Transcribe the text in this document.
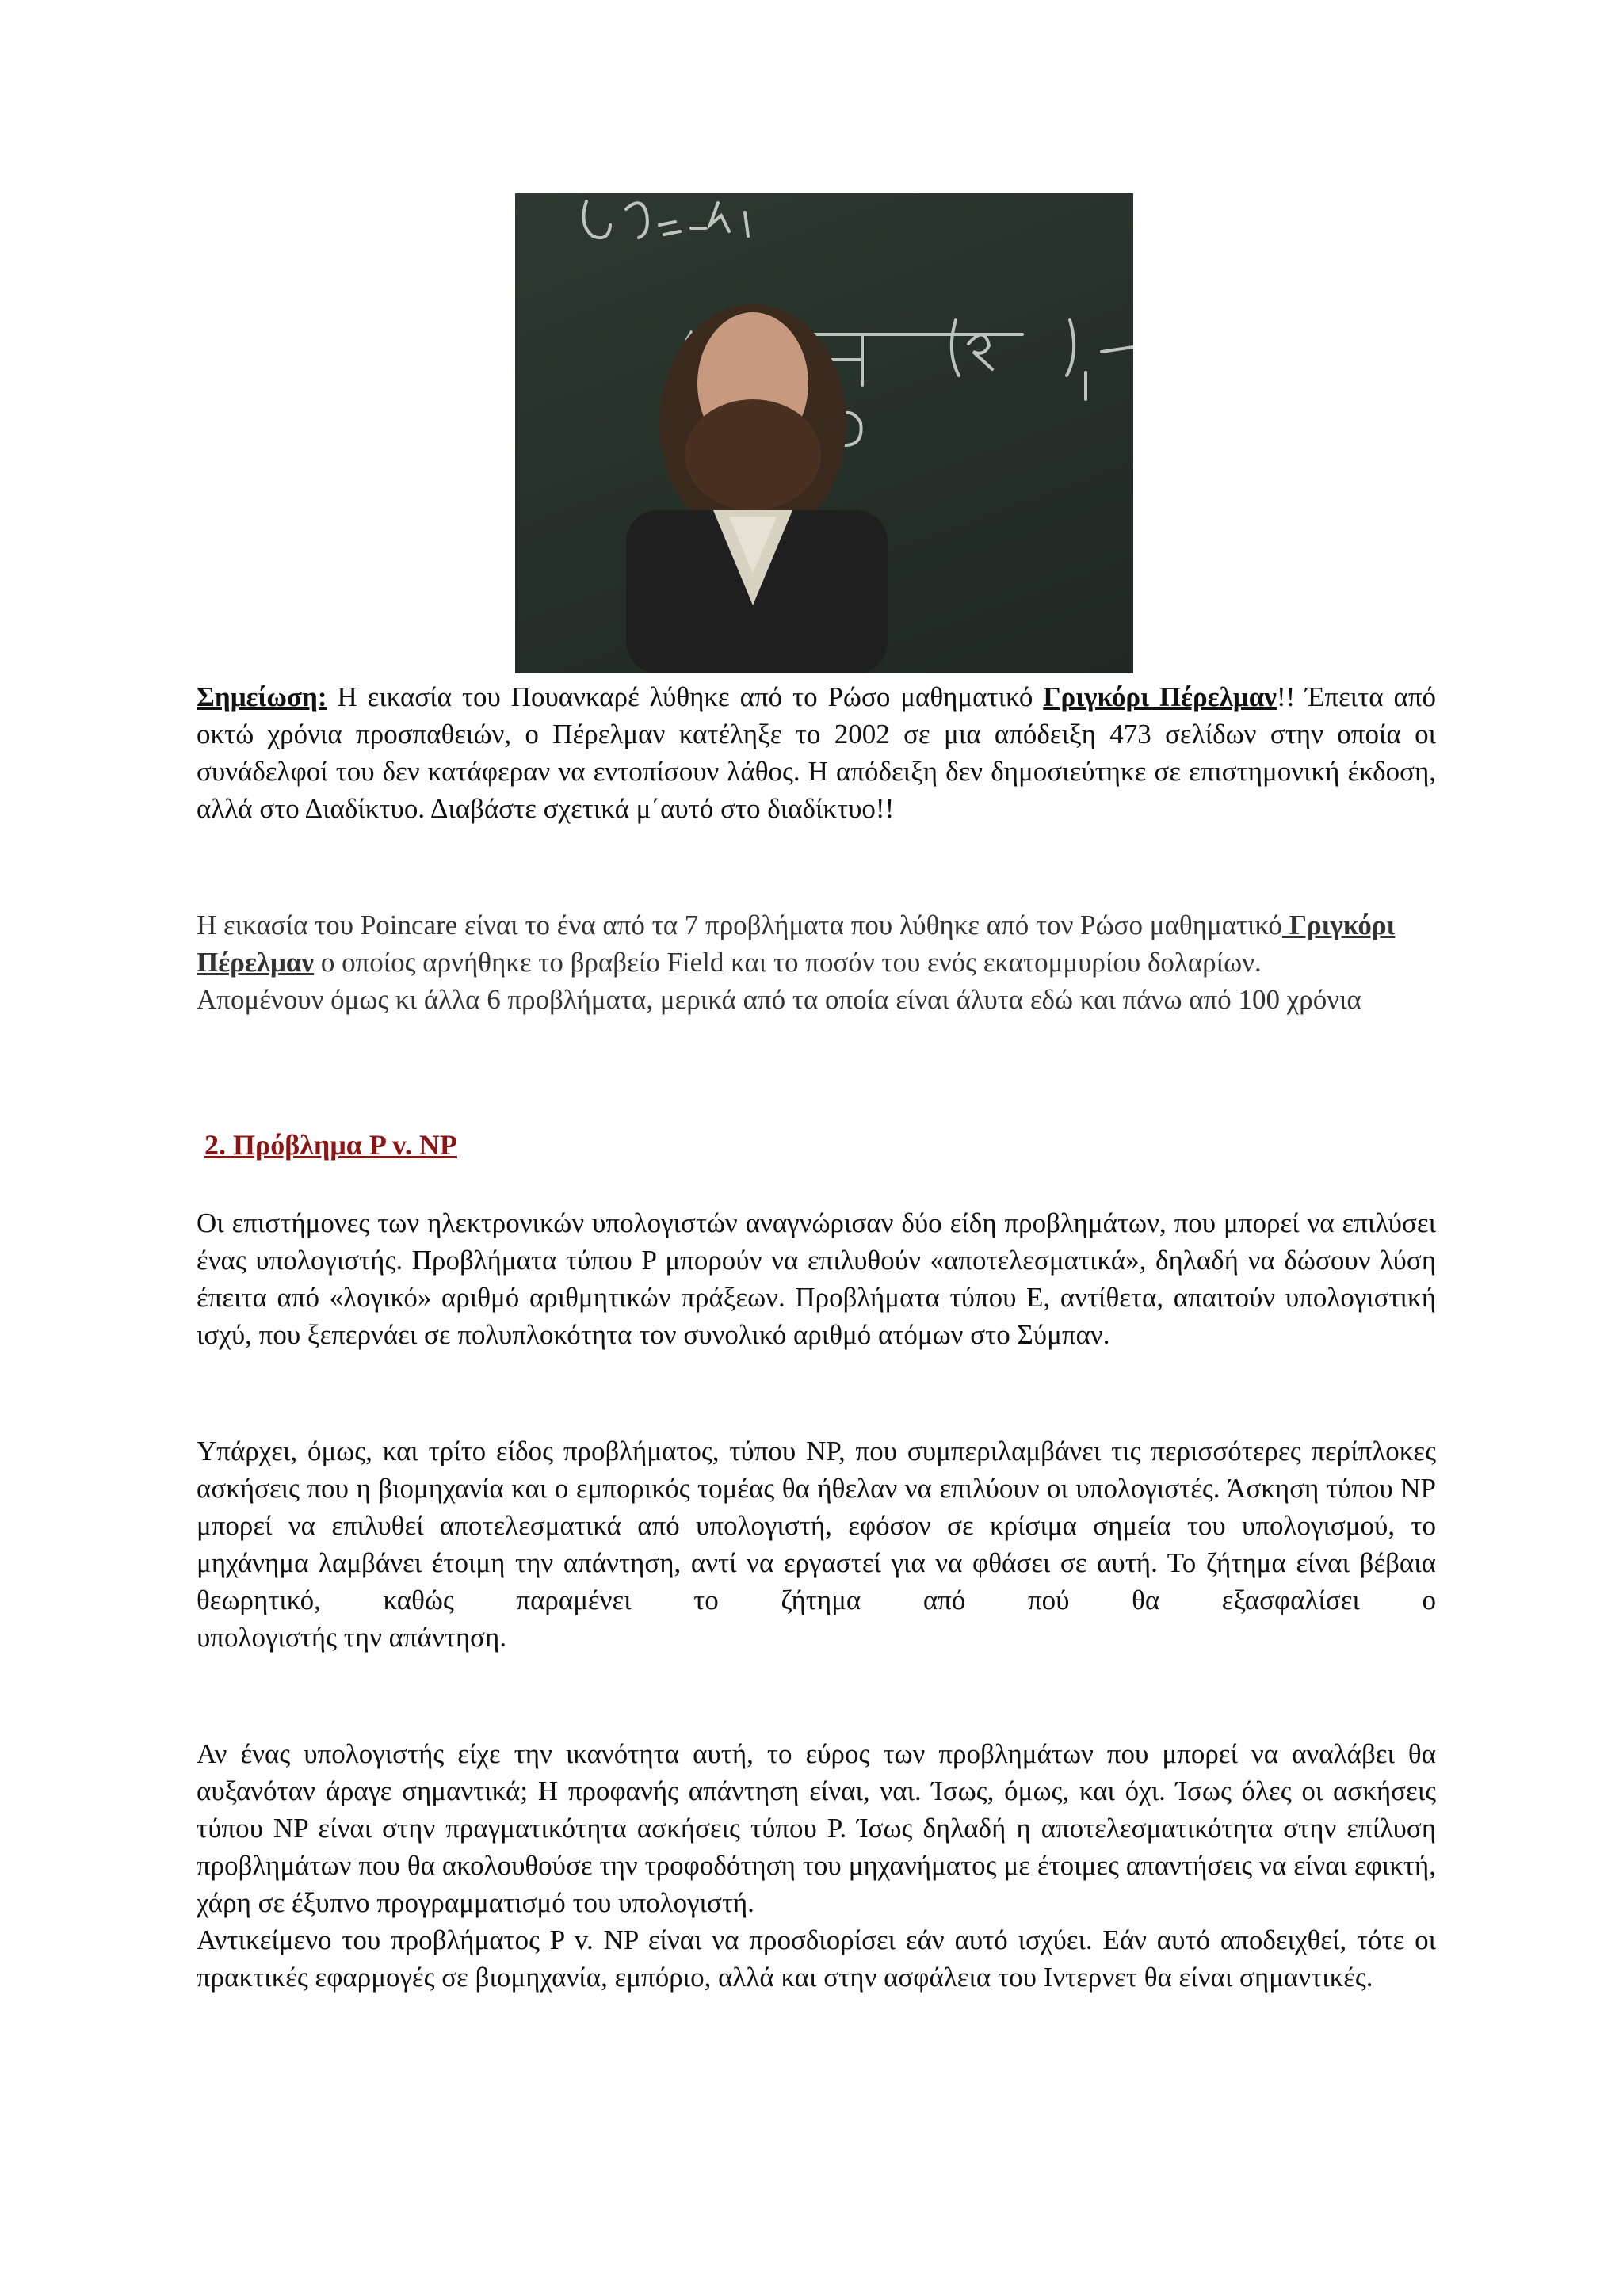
Σημείωση: Η εικασία του Πουανκαρέ λύθηκε από το Ρώσο μαθηματικό Γριγκόρι Πέρελμαν!! Έπειτα από οκτώ χρόνια προσπαθειών, ο Πέρελμαν κατέληξε το 2002 σε μια απόδειξη 473 σελίδων στην οποία οι συνάδελφοί του δεν κατάφεραν να εντοπίσουν λάθος. Η απόδειξη δεν δημοσιεύτηκε σε επιστημονική έκδοση, αλλά στο Διαδίκτυο. Διαβάστε σχετικά μ΄αυτό στο διαδίκτυο!!

Η εικασία του Poincare είναι το ένα από τα 7 προβλήματα που λύθηκε από τον Ρώσο μαθηματικό Γριγκόρι Πέρελμαν ο οποίος αρνήθηκε το βραβείο Field και το ποσόν του ενός εκατομμυρίου δολαρίων.

Απομένουν όμως κι άλλα 6 προβλήματα, μερικά από τα οποία είναι άλυτα εδώ και πάνω από 100 χρόνια

2. Πρόβλημα P v. NP

Οι επιστήμονες των ηλεκτρονικών υπολογιστών αναγνώρισαν δύο είδη προβλημάτων, που μπορεί να επιλύσει ένας υπολογιστής. Προβλήματα τύπου P μπορούν να επιλυθούν «αποτελεσματικά», δηλαδή να δώσουν λύση έπειτα από «λογικό» αριθμό αριθμητικών πράξεων. Προβλήματα τύπου E, αντίθετα, απαιτούν υπολογιστική ισχύ, που ξεπερνάει σε πολυπλοκότητα τον συνολικό αριθμό ατόμων στο Σύμπαν.

Υπάρχει, όμως, και τρίτο είδος προβλήματος, τύπου NP, που συμπεριλαμβάνει τις περισσότερες περίπλοκες ασκήσεις που η βιομηχανία και ο εμπορικός τομέας θα ήθελαν να επιλύουν οι υπολογιστές. Άσκηση τύπου NP μπορεί να επιλυθεί αποτελεσματικά από υπολογιστή, εφόσον σε κρίσιμα σημεία του υπολογισμού, το μηχάνημα λαμβάνει έτοιμη την απάντηση, αντί να εργαστεί για να φθάσει σε αυτή. Το ζήτημα είναι βέβαια θεωρητικό, καθώς παραμένει το ζήτημα από πού θα εξασφαλίσει ο

υπολογιστής την απάντηση.

Αν ένας υπολογιστής είχε την ικανότητα αυτή, το εύρος των προβλημάτων που μπορεί να αναλάβει θα αυξανόταν άραγε σημαντικά; Η προφανής απάντηση είναι, ναι. Ίσως, όμως, και όχι. Ίσως όλες οι ασκήσεις τύπου NP είναι στην πραγματικότητα ασκήσεις τύπου P. Ίσως δηλαδή η αποτελεσματικότητα στην επίλυση προβλημάτων που θα ακολουθούσε την τροφοδότηση του μηχανήματος με έτοιμες απαντήσεις να είναι εφικτή, χάρη σε έξυπνο προγραμματισμό του υπολογιστή.

Αντικείμενο του προβλήματος P v. NP είναι να προσδιορίσει εάν αυτό ισχύει. Εάν αυτό αποδειχθεί, τότε οι πρακτικές εφαρμογές σε βιομηχανία, εμπόριο, αλλά και στην ασφάλεια του Ιντερνετ θα είναι σημαντικές.
